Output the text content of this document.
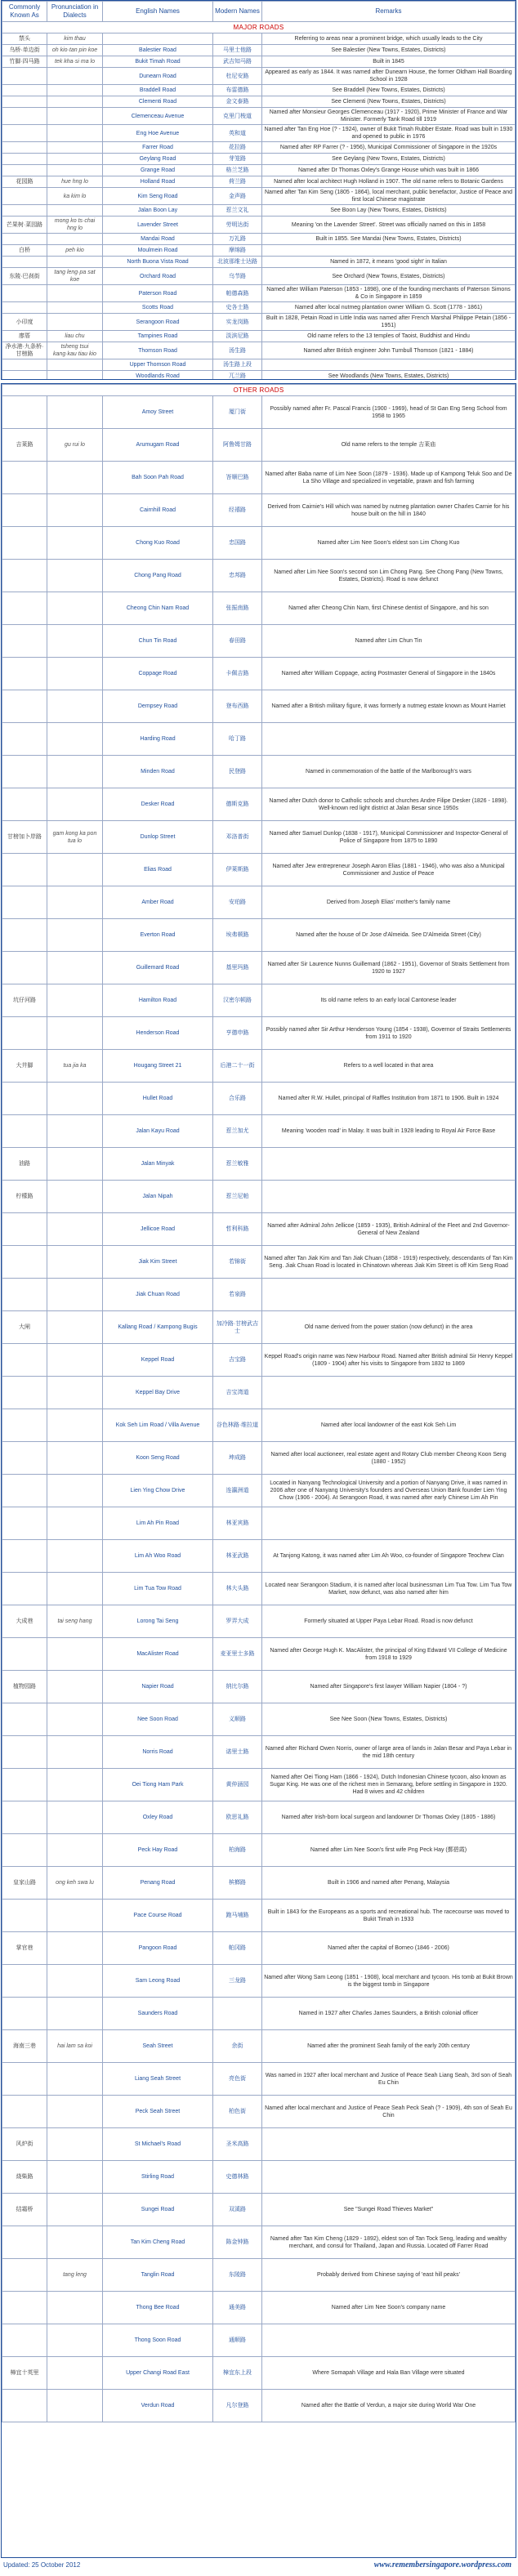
Commonly Known As	Pronunciation in Dialects	English Names	Modern Names	Remarks
MAJOR ROADS				
禁头	kim thau			Referring to areas near a prominent bridge, which usually leads to the City
乌桥·单边街	oh kio·tan pin koe	Balestier Road	马里士他路	See Balestier (New Towns, Estates, Districts)
竹脚·四马路	tek kha·si ma lo	Bukit Timah Road	武吉知马路	Built in 1845
		Dunearn Road	杜尼安路	Appeared as early as 1844. It was named after Dunearn House, the former Oldham Hall Boarding School in 1928
		Braddell Road	布雷德路	See Braddell (New Towns, Estates, Districts)
		Clementi Road	金文泰路	See Clementi (New Towns, Estates, Districts)
		Clemenceau Avenue	克里门梭道	Named after Monsieur Georges Clemenceau (1917 - 1920), Prime Minister of France and War Minister. Formerly Tank Road till 1919
		Eng Hoe Avenue	英和道	Named after Tan Eng Hoe (? - 1924), owner of Bukit Timah Rubber Estate. Road was built in 1930 and opened to public in 1976
		Farrer Road	花拉路	Named after RP Farrer (? - 1956), Municipal Commissioner of Singapore in the 1920s
		Geylang Road	芽笼路	See Geylang (New Towns, Estates, Districts)
		Grange Road	格兰芝路	Named after Dr Thomas Oxley's Grange House which was built in 1866
花园路	hue hng lo	Holland Road	荷兰路	Named after local architect Hugh Holland in 1907. The old name refers to Botanic Gardens
	ka kim lo	Kim Seng Road	金声路	Named after Tan Kim Seng (1805 - 1864), local merchant, public benefactor, Justice of Peace and first local Chinese magistrate
		Jalan Boon Lay	惹兰文礼	See Boon Lay (New Towns, Estates, Districts)
芒果树·菜园路	mong ko ts·chai hng lo	Lavender Street	劳明达街	Meaning 'on the Lavender Street'. Street was officially named on this in 1858
		Mandai Road	万礼路	Built in 1855. See Mandai (New Towns, Estates, Districts)
白桥	peh kio	Moulmein Road	摩绵路	
		North Buona Vista Road	北波那维士达路	Named in 1872, it means 'good sight' in Italian
东陵·巴刹街	tang leng·pa sat koe	Orchard Road	乌节路	See Orchard (New Towns, Estates, Districts)
		Paterson Road	帕德森路	Named after William Paterson (1853 - 1898), one of the founding merchants of Paterson Simons & Co in Singapore in 1859
		Scotts Road	史各士路	Named after local nutmeg plantation owner William G. Scott (1778 - 1861)
小印度		Serangoon Road	实龙岗路	Built in 1828, Petain Road in Little India was named after French Marshal Philippe Petain (1856 - 1951)
廖厝	liau chu	Tampines Road	淡滨尼路	Old name refers to the 13 temples of Taoist, Buddhist and Hindu
净水港·九条桥·甘榜路	tsheng tsui kang·kau tiau kio	Thomson Road	汤生路	Named after British engineer John Turnbull Thomson (1821 - 1884)
		Upper Thomson Road	汤生路上段	
		Woodlands Road	兀兰路	See Woodlands (New Towns, Estates, Districts)

OTHER ROADS				
		Amoy Street	厦门街	Possibly named after Fr. Pascal Francis (1900 - 1969), head of St Gan Eng Seng School from 1958 to 1965
吉莱路	gu rui lo	Arumugam Road	阿鲁姆甘路	Old name refers to the temple 吉莱庙
		Bah Soon Pah Road	峇顺巴路	Named after Baba name of Lim Nee Soon (1879 - 1936). Made up of Kampong Teluk Soo and De La Sho Village and specialized in vegetable, prawn and fish farming
		Cairnhill Road	经禧路	Derived from Cairnie's Hill which was named by nutmeg plantation owner Charles Carnie for his house built on the hill in 1840
		Chong Kuo Road	忠国路	Named after Lim Nee Soon's eldest son Lim Chong Kuo
		Chong Pang Road	忠邦路	Named after Lim Nee Soon's second son Lim Chong Pang. See Chong Pang (New Towns, Estates, Districts). Road is now defunct
		Cheong Chin Nam Road	张振南路	Named after Cheong Chin Nam, first Chinese dentist of Singapore, and his son
		Chun Tin Road	春田路	Named after Lim Chun Tin
		Coppage Road	卡佩吉路	Named after William Coppage, acting Postmaster General of Singapore in the 1840s
		Dempsey Road	登布西路	Named after a British military figure, it was formerly a nutmeg estate known as Mount Harriet
		Harding Road	哈丁路	
		Minden Road	民登路	Named in commemoration of the battle of the Marlborough's wars
		Desker Road	德斯克路	Named after Dutch donor to Catholic schools and churches Andre Filipe Desker (1826 - 1898). Well-known red light district at Jalan Besar since 1950s
甘榜加卜岸路	gam kong ka pon tua lo	Dunlop Street	邓洛普街	Named after Samuel Dunlop (1838 - 1917), Municipal Commissioner and Inspector-General of Police of Singapore from 1875 to 1890
		Elias Road	伊莱斯路	Named after Jew entrepreneur Joseph Aaron Elias (1881 - 1946), who was also a Municipal Commissioner and Justice of Peace
		Amber Road	安珀路	Derived from Joseph Elias' mother's family name
		Everton Road	埃弗顿路	Named after the house of Dr Jose d'Almeida. See D'Almeida Street (City)
		Guillemard Road	基里玛路	Named after Sir Laurence Nunns Guillemard (1862 - 1951), Governor of Straits Settlement from 1920 to 1927
坑仔河路		Hamilton Road	汉密尔顿路	Its old name refers to an early local Cantonese leader
		Henderson Road	亨德申路	Possibly named after Sir Arthur Henderson Young (1854 - 1938), Governor of Straits Settlements from 1911 to 1920
大井脚	tua jia ka	Hougang Street 21	后港二十一街	Refers to a well located in that area
		Hullet Road	合乐路	Named after R.W. Hullet, principal of Raffles Institution from 1871 to 1906. Built in 1924
		Jalan Kayu Road	惹兰加尤	Meaning 'wooden road' in Malay. It was built in 1928 leading to Royal Air Force Base
油路		Jalan Minyak	惹兰敏雅	
柠檬路		Jalan Nipah	惹兰尼帕	
		Jellicoe Road	哲利科路	Named after Admiral John Jellicoe (1859 - 1935), British Admiral of the Fleet and 2nd Governor-General of New Zealand
		Jiak Kim Street	若锦街	Named after Tan Jiak Kim and Tan Jiak Chuan (1858 - 1919) respectively, descendants of Tan Kim Seng. Jiak Chuan Road is located in Chinatown whereas Jiak Kim Street is off Kim Seng Road
		Jiak Chuan Road	若泉路	
大闸		Kallang Road / Kampong Bugis	加冷路·甘榜武吉士	Old name derived from the power station (now defunct) in the area
		Keppel Road	吉宝路	Keppel Road's origin name was New Harbour Road. Named after British admiral Sir Henry Keppel (1809 - 1904) after his visits to Singapore from 1832 to 1869
		Keppel Bay Drive	吉宝湾道	
		Kok Seh Lim Road / Villa Avenue	谷色林路·维拉道	Named after local landowner of the east Kok Seh Lim
		Koon Seng Road	坤成路	Named after local auctioneer, real estate agent and Rotary Club member Cheong Koon Seng (1880 - 1952)
		Lien Ying Chow Drive	连瀛洲道	Located in Nanyang Technological University and a portion of Nanyang Drive, it was named in 2006 after one of Nanyang University's founders and Overseas Union Bank founder Lien Ying Chow (1906 - 2004). At Serangoon Road, it was named after early Chinese Lim Ah Pin
		Lim Ah Pin Road	林亚宾路	
		Lim Ah Woo Road	林亚武路	At Tanjong Katong, it was named after Lim Ah Woo, co-founder of Singapore Teochew Clan
		Lim Tua Tow Road	林大头路	Located near Serangoon Stadium, it is named after local businessman Lim Tua Tow. Lim Tua Tow Market, now defunct, was also named after him
大成巷	tai seng hang	Lorong Tai Seng	罗弄大成	Formerly situated at Upper Paya Lebar Road. Road is now defunct
		MacAlister Road	麦亚里士多路	Named after George Hugh K. MacAlister, the principal of King Edward VII College of Medicine from 1918 to 1929
植物园路		Napier Road	纳比尔路	Named after Singapore's first lawyer William Napier (1804 - ?)
		Nee Soon Road	义顺路	See Nee Soon (New Towns, Estates, Districts)
		Norris Road	诺里士路	Named after Richard Owen Norris, owner of large area of lands in Jalan Besar and Paya Lebar in the mid 18th century
		Oei Tiong Ham Park	黄仲涵园	Named after Oei Tiong Ham (1866 - 1924), Dutch Indonesian Chinese tycoon, also known as Sugar King. He was one of the richest men in Semarang, before settling in Singapore in 1920. Had 8 wives and 42 children
		Oxley Road	欧思礼路	Named after Irish-born local surgeon and landowner Dr Thomas Oxley (1805 - 1886)
		Peck Hay Road	柏海路	Named after Lim Nee Soon's first wife Png Peck Hay (鄞碧霞)
皇家山路	ong keh swa lu	Penang Road	槟榔路	Built in 1906 and named after Penang, Malaysia
		Pace Course Road	跑马埔路	Built in 1843 for the Europeans as a sports and recreational hub. The racecourse was moved to Bukit Timah in 1933
掌官巷		Pangoon Road	帕冈路	Named after the capital of Borneo (1846 - 2006)
		Sam Leong Road	三龙路	Named after Wong Sam Leong (1851 - 1908), local merchant and tycoon. His tomb at Bukit Brown is the biggest tomb in Singapore
		Saunders Road		Named in 1927 after Charles James Saunders, a British colonial officer
海南三巷	hai lam sa koi	Seah Street	余街	Named after the prominent Seah family of the early 20th century
		Liang Seah Street	亮色街	Was named in 1927 after local merchant and Justice of Peace Seah Liang Seah, 3rd son of Seah Eu Chin
		Peck Seah Street	柏色街	Named after local merchant and Justice of Peace Seah Peck Seah (? - 1909), 4th son of Seah Eu Chin
风炉街		St Michael's Road	圣米高路	
烧柴路		Stirling Road	史德林路	
结霜桥		Sungei Road	双溪路	See "Sungei Road Thieves Market"
		Tan Kim Cheng Road	陈金钟路	Named after Tan Kim Cheng (1829 - 1892), eldest son of Tan Tock Seng, leading and wealthy merchant, and consul for Thailand, Japan and Russia. Located off Farrer Road
	tang leng	Tanglin Road	东陵路	Probably derived from Chinese saying of 'east hill peaks'
		Thong Bee Road	通美路	Named after Lim Nee Soon's company name
		Thong Soon Road	通顺路	
樟宜十英里		Upper Changi Road East	樟宜东上段	Where Somapah Village and Hala Ban Village were situated
		Verdun Road	凡尔登路	Named after the Battle of Verdun, a major site during World War One
Updated: 25 October 2012	www.remembersingapore.wordpress.com
